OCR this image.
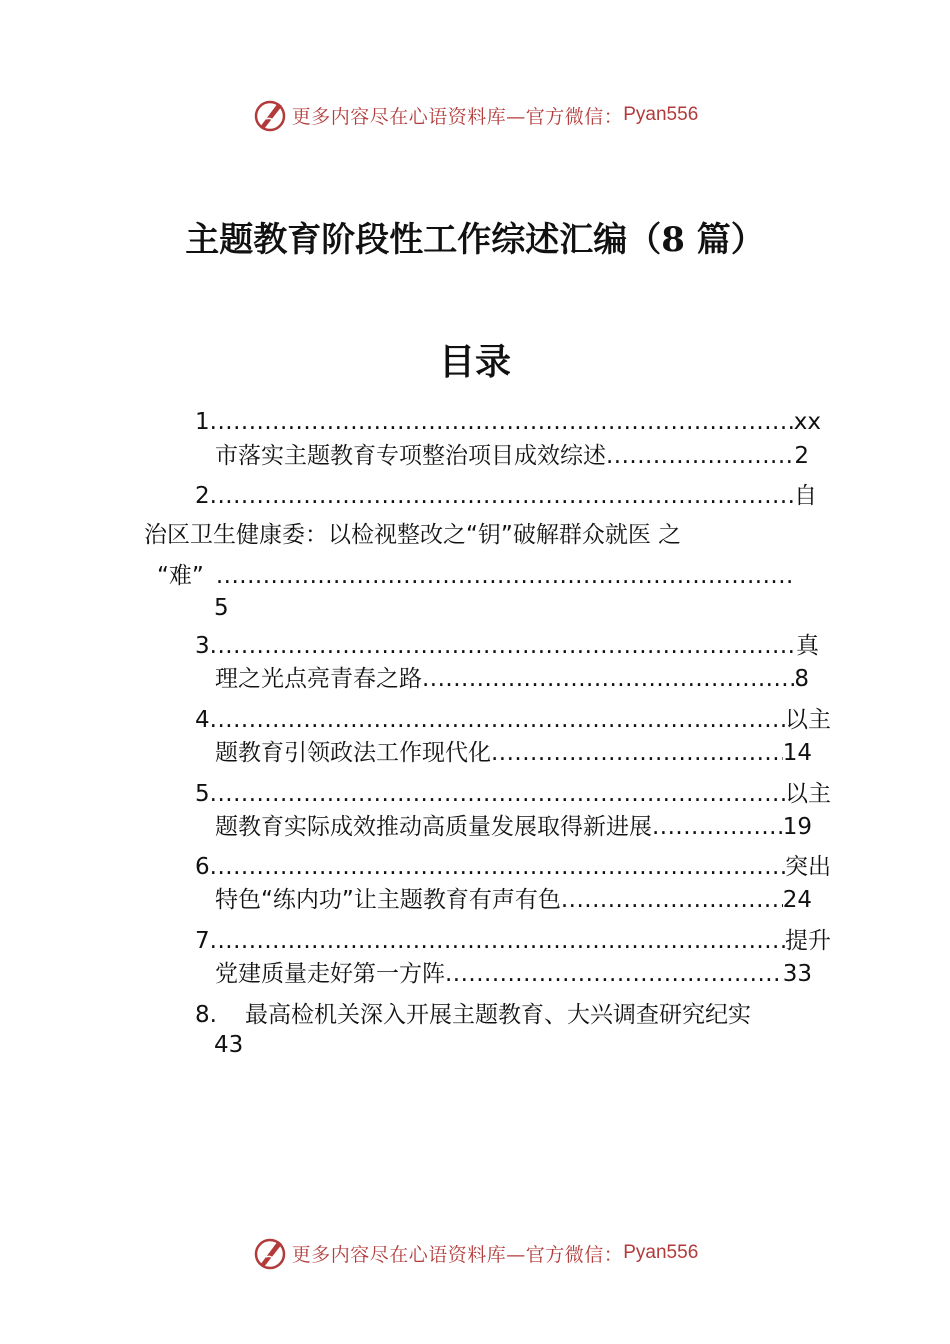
更多内容尽在心语资料库—官方微信： Pyan556
主题教育阶段性工作综述汇编（8 篇）
目录
1 .....	xx
市落实主题教育专项整治项目成效综述 .....	2
2 .....	自
治区卫生健康委：以检视整改之“钥”破解群众就医 之
“难”
.....
5
3 .....	真
理之光点亮青春之路 .....	8
4 .....	以主
题教育引领政法工作现代化 .....	14
5 .....	以主
题教育实际成效推动高质量发展取得新进展 .....	19
6 .....	突出
特色“练内功”让主题教育有声有色 .....	24
7 .....	提升
党建质量走好第一方阵 .....	33
8. 最高检机关深入开展主题教育、大兴调查研究纪实
43
更多内容尽在心语资料库—官方微信： Pyan556
